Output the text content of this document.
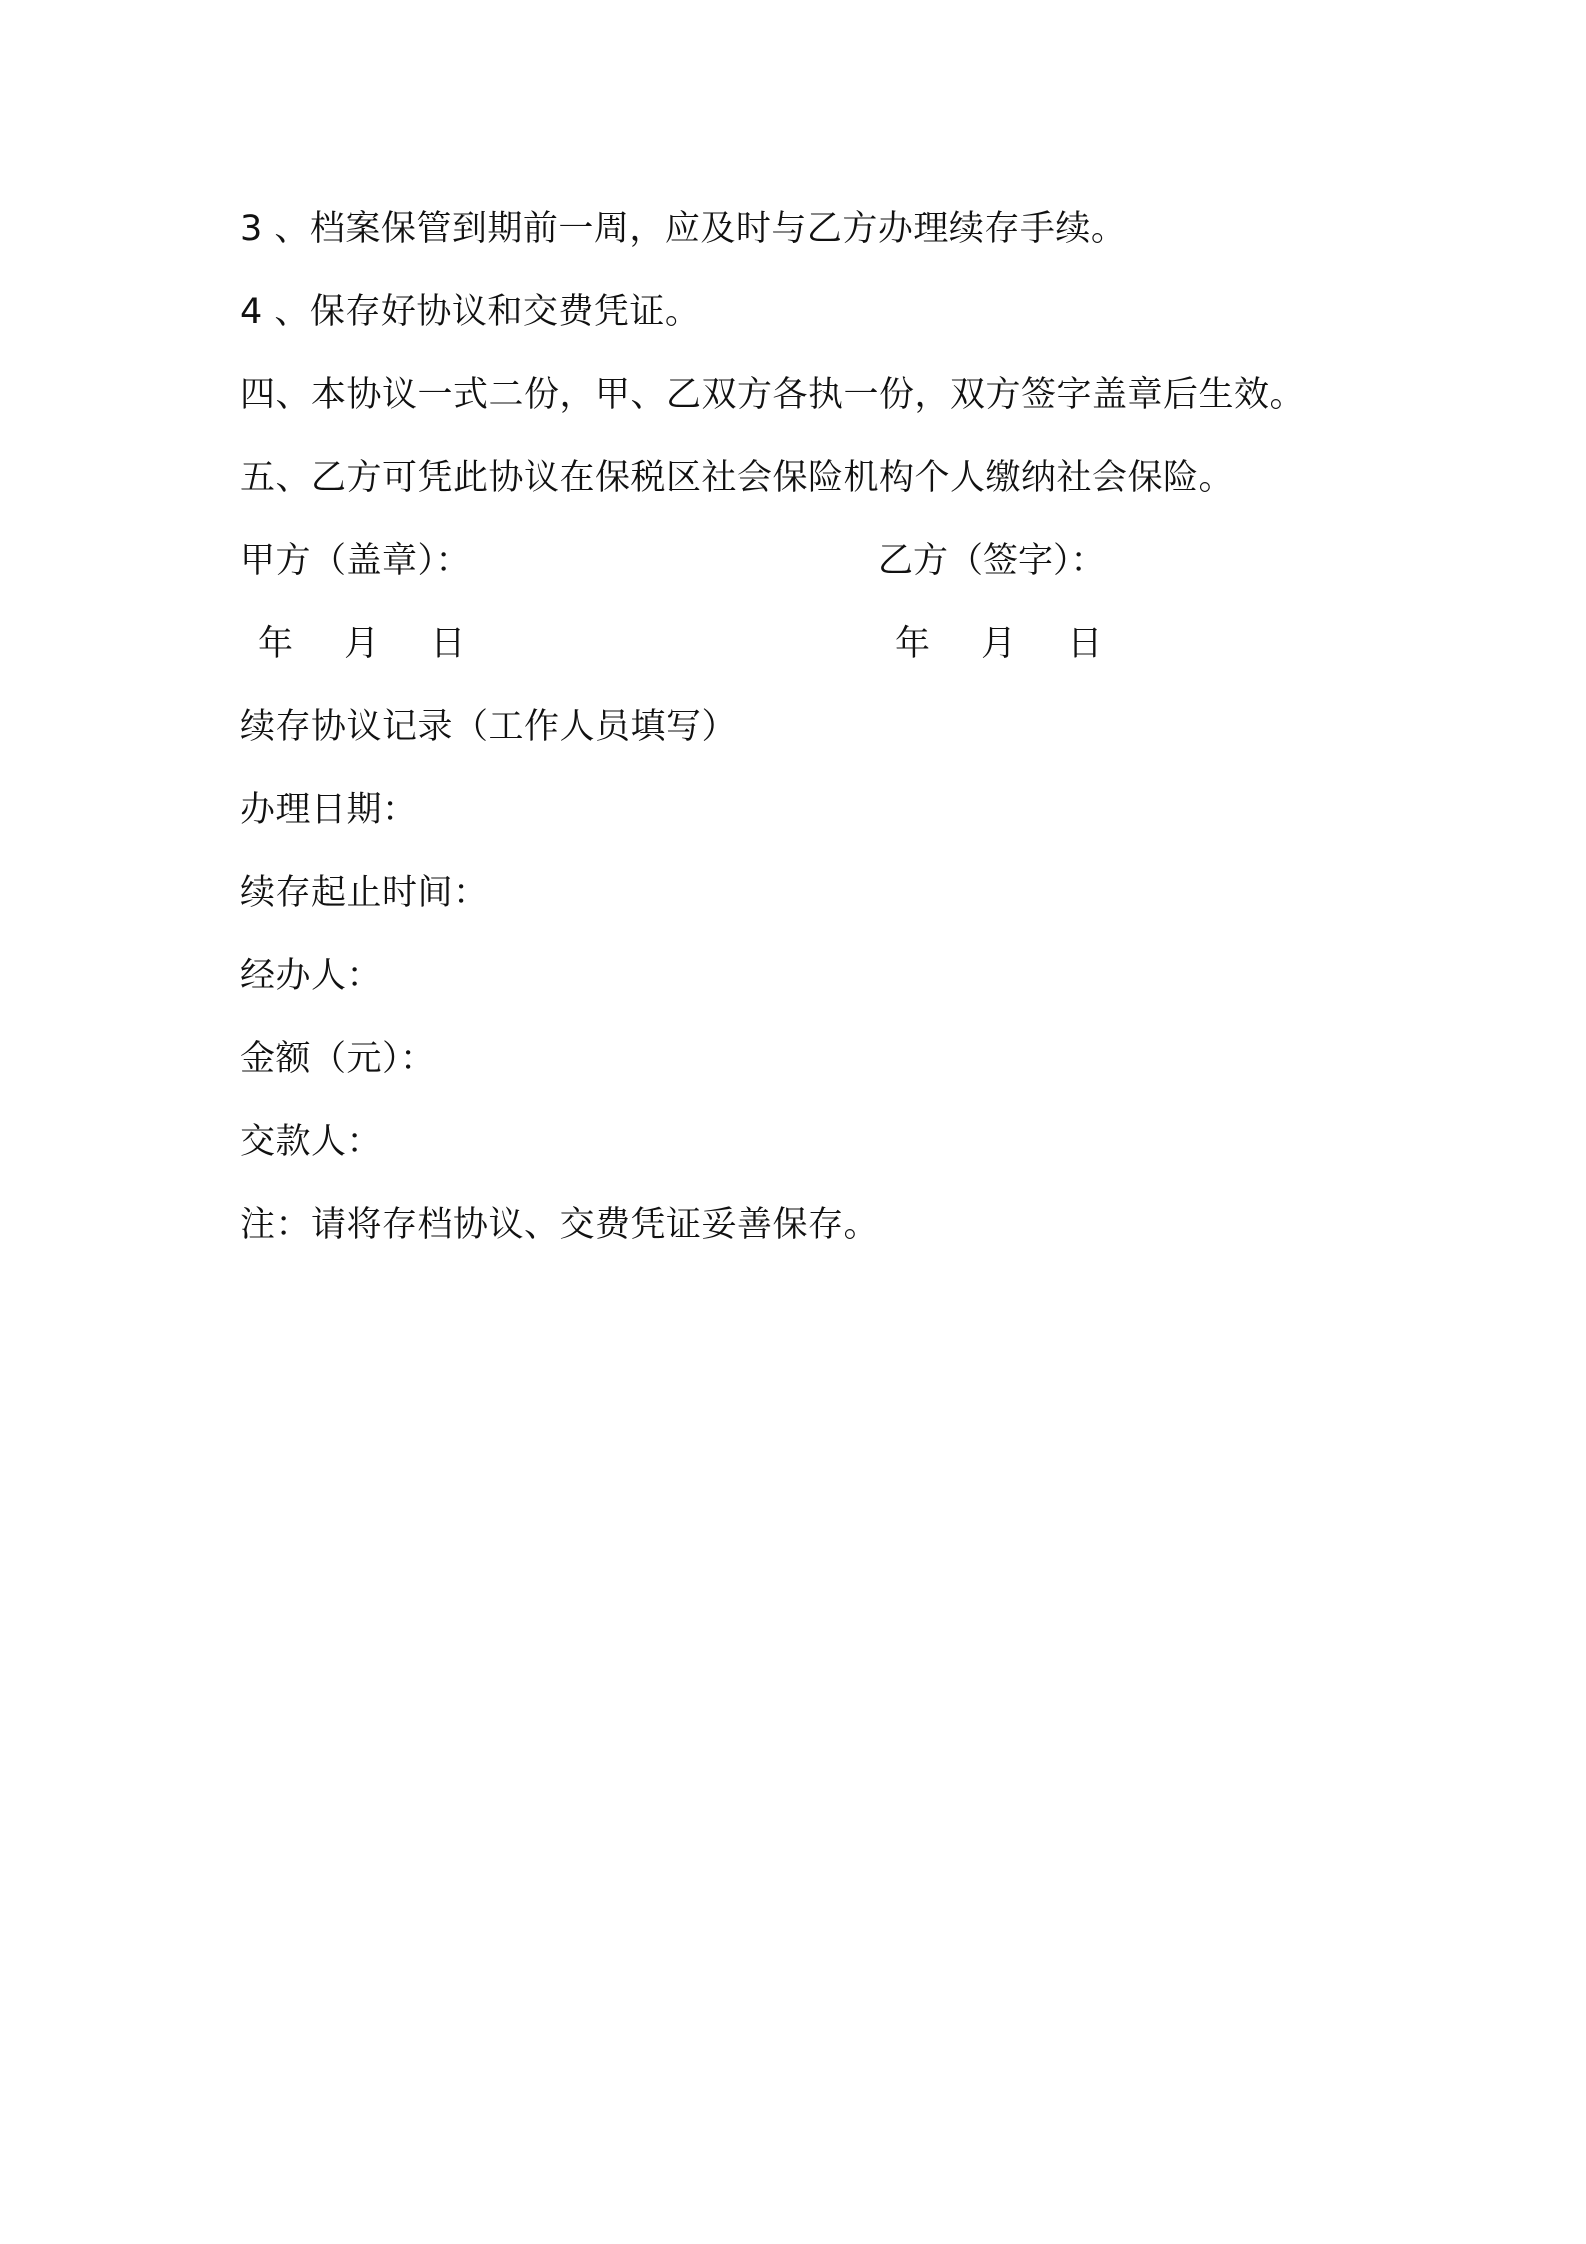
3 、档案保管到期前一周，应及时与乙方办理续存手续。
4 、保存好协议和交费凭证。
四、本协议一式二份，甲、乙双方各执一份，双方签字盖章后生效。
五、乙方可凭此协议在保税区社会保险机构个人缴纳社会保险。
甲方（盖章）：	乙方（签字）：
年 月 日	年 月 日
续存协议记录（工作人员填写）
办理日期：
续存起止时间：
经办人：
金额（元）：
交款人：
注：请将存档协议、交费凭证妥善保存。
